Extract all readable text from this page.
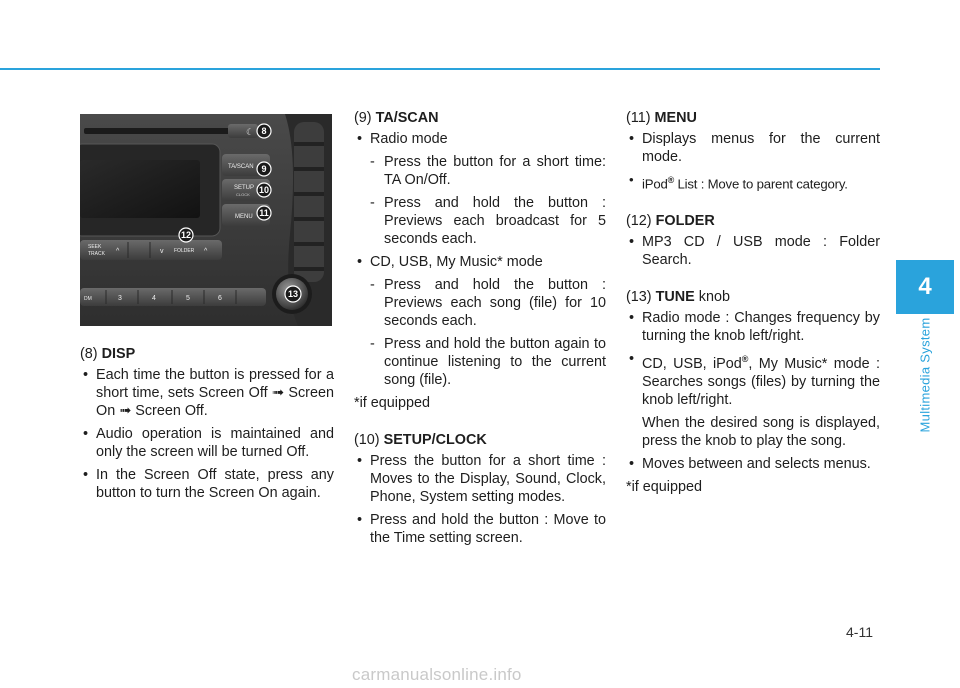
4
Multimedia System
☾
TA/SCAN
SETUP
CLOCK
MENU
SEEK
TRACK ^	v FOLDER ^
DM	3	4	5	6
8
9
10
11
12
13
(8) DISP
• Each time the button is pressed for a short time, sets Screen Off ➟ Screen On ➟ Screen Off.
• Audio operation is maintained and only the screen will be turned Off.
• In the Screen Off state, press any button to turn the Screen On again.
(9) TA/SCAN
• Radio mode
- Press the button for a short time: TA On/Off.
- Press and hold the button : Previews each broadcast for 5 seconds each.
• CD, USB, My Music* mode
- Press and hold the button : Previews each song (file) for 10 seconds each.
- Press and hold the button again to continue listening to the current song (file).
*if equipped
(10) SETUP/CLOCK
• Press the button for a short time : Moves to the Display, Sound, Clock, Phone, System setting modes.
• Press and hold the button : Move to the Time setting screen.
(11) MENU
• Displays menus for the current mode.
• iPod® List : Move to parent category.
(12) FOLDER
• MP3 CD / USB mode : Folder Search.
(13) TUNE knob
• Radio mode : Changes frequency by turning the knob left/right.
• CD, USB, iPod®, My Music* mode : Searches songs (files) by turning the knob left/right.
When the desired song is displayed, press the knob to play the song.
• Moves between and selects menus.
*if equipped
4-11
carmanualsonline.info
